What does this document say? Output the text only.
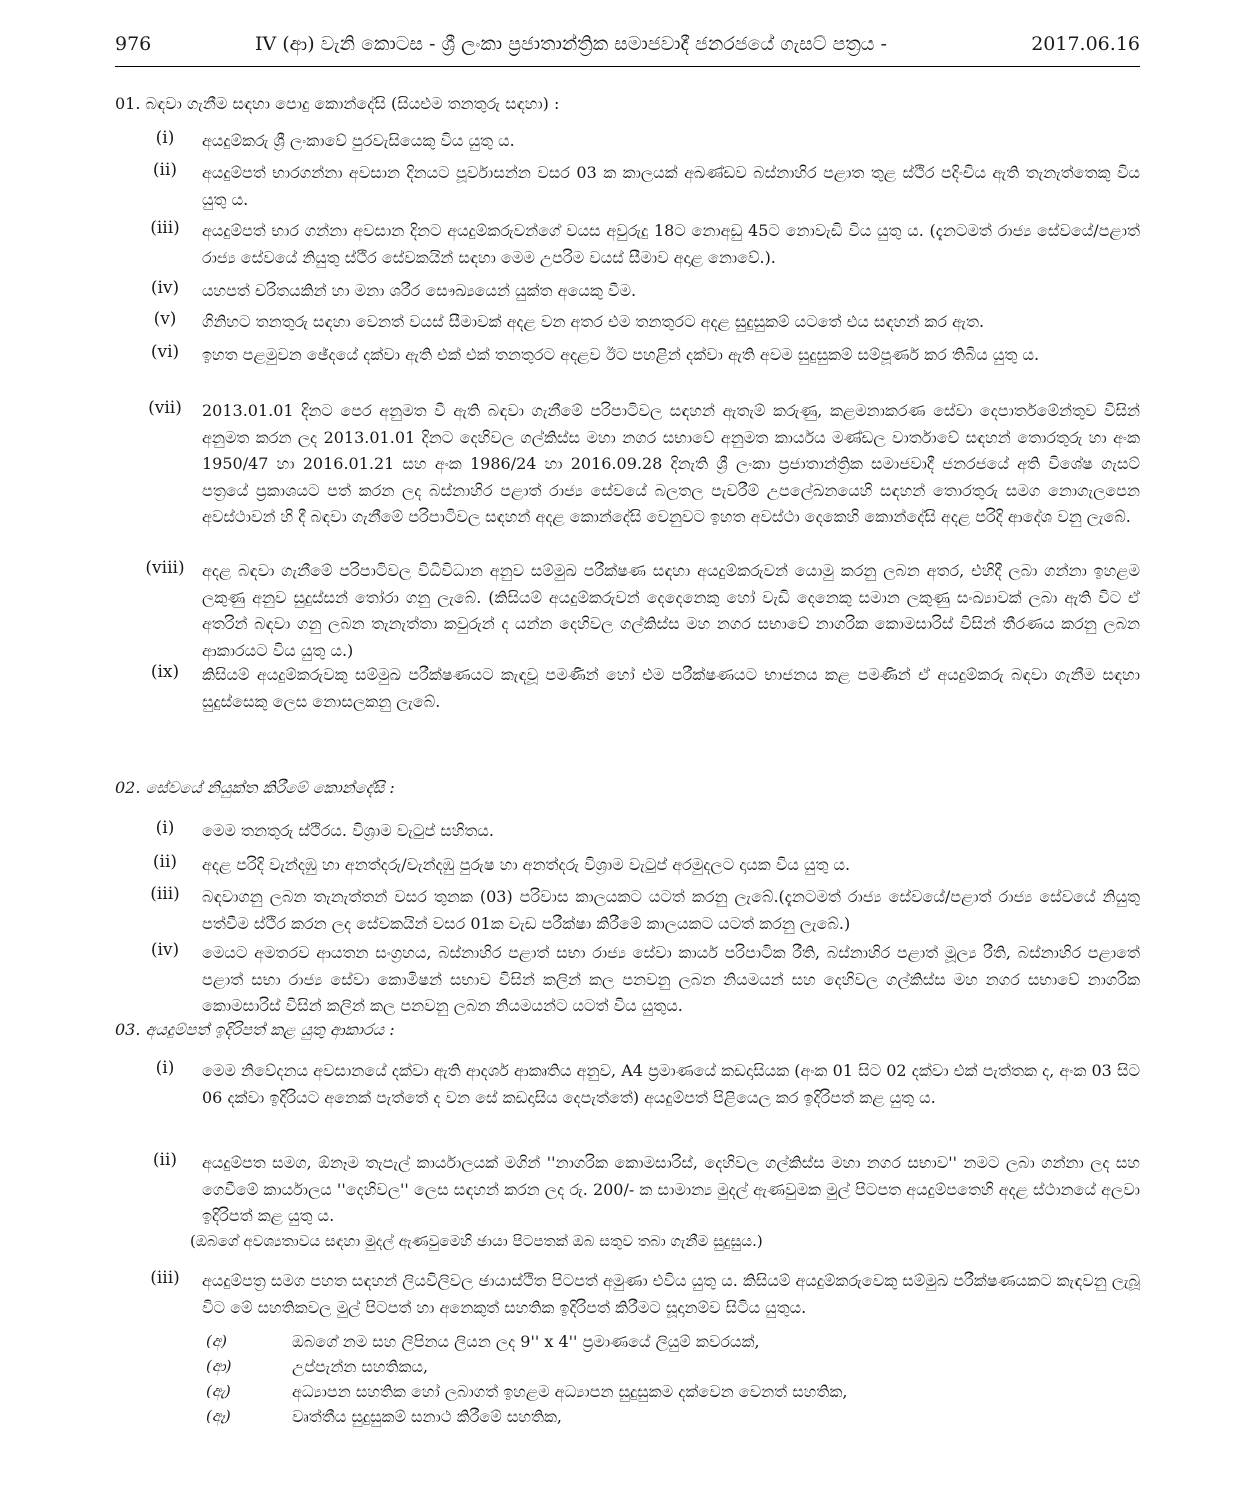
976	IV (ආ) වැනි කොටස - ශ්‍රී ලංකා ප්‍රජාතාන්ත්‍රික සමාජවාදී ජනරජයේ ගැසට් පත්‍රය -	2017.06.16
01. බඳවා ගැනීම සඳහා පොදු කොන්දේසි (සියළුම තනතුරු සඳහා) :
(i)	අයදුම්කරු ශ්‍රී ලංකාවේ පුරවැසියෙකු විය යුතු ය.
(ii)	අයදුම්පත් භාරගන්නා අවසාන දිනයට පූර්වාසන්න වසර 03 ක කාලයක් අඛණ්ඩව බස්නාහිර පළාත තුළ ස්ථිර පදිංචිය ඇති තැනැත්තෙකු විය යුතු ය.
(iii)	අයදුම්පත් භාර ගන්නා අවසාන දිනට අයදුම්කරුවන්ගේ වයස අවුරුදු 18ට නොඅඩු 45ට නොවැඩි විය යුතු ය. (දැනටමත් රාජ්‍ය සේවයේ/පළාත් රාජ්‍ය සේවයේ නියුතු ස්ථිර සේවකයින් සඳහා මෙම උපරිම වයස් සීමාව අදාළ නොවේ.).
(iv)	යහපත් චරිතයකින් හා මනා ශරීර සෞඛ්‍යයෙන් යුක්ත අයෙකු වීම.
(v)	ගිනිහට තනතුරු සඳහා වෙනත් වයස් සීමාවක් අදළ වන අතර එම තනතුරට අදළ සුදුසුකම් යටතේ එය සඳහන් කර ඇත.
(vi)	ඉහත පළමුවන ඡේදයේ දක්වා ඇති එක් එක් තනතුරට අදළව ඊට පහළින් දක්වා ඇති අවම සුදුසුකම් සම්පූර්ණ කර තිබිය යුතු ය.
(vii)	2013.01.01 දිනට පෙර අනුමත වී ඇති බඳවා ගැනීමේ පරිපාටිවල සඳහන් ඇතැම් කරුණු, කළමනාකරණ සේවා දෙපාර්තමේන්තුව විසින් අනුමත කරන ලද 2013.01.01 දිනට දෙහිවල ගල්කිස්ස මහා නගර සභාවේ අනුමත කාර්යය මණ්ඩල වාර්තාවේ සඳහන් තොරතුරු හා අංක 1950/47 හා 2016.01.21 සහ අංක 1986/24 හා 2016.09.28 දිනැති ශ්‍රී ලංකා ප්‍රජාතාන්ත්‍රික සමාජවාදී ජනරජයේ අති විශේෂ ගැසට් පත්‍රයේ ප්‍රකාශයට පත් කරන ලද බස්නාහිර පළාත් රාජ්‍ය සේවයේ බලතල පැවරීම් උපලේඛනයෙහි සඳහන් තොරතුරු සමග නොගැලපෙන අවස්ථාවන් හි දී බඳවා ගැනීමේ පරිපාටිවල සඳහන් අදළ කොන්දේසි වෙනුවට ඉහත අවස්ථා දෙකෙහි කොන්දේසි අදළ පරිදි ආදේශ වනු ලැබේ.
(viii)	අදළ බඳවා ගැනීමේ පරිපාටිවල විධිවිධාන අනුව සම්මුඛ පරීක්ෂණ සඳහා අයදුම්කරුවන් යොමු කරනු ලබන අතර, එහිදී ලබා ගන්නා ඉහළම ලකුණු අනුව සුදුස්සන් තෝරා ගනු ලැබේ. (කිසියම් අයදුම්කරුවන් දෙදෙනෙකු හෝ වැඩි දෙනෙකු සමාන ලකුණු සංඛ්‍යාවක් ලබා ඇති විට ඒ අතරින් බඳවා ගනු ලබන තැනැත්තා කවුරුන් ද යන්න දෙහිවල ගල්කිස්ස මහ නගර සභාවේ නාගරික කොමසාරිස් විසින් තීරණය කරනු ලබන ආකාරයට විය යුතු ය.)
(ix)	කිසියම් අයදුම්කරුවකු සම්මුඛ පරීක්ෂණයට කැඳවූ පමණින් හෝ එම පරීක්ෂණයට භාජනය කළ පමණින් ඒ අයදුම්කරු බඳවා ගැනීම සඳහා සුදුස්සෙකු ලෙස නොසලකනු ලැබේ.
02. සේවයේ නියුක්ත කිරීමේ කොන්දේසි :
(i)	මෙම තනතුරු ස්ථිරය. විශ්‍රාම වැටුප් සහිතය.
(ii)	අදළ පරිදි වැන්දඹු හා අනත්දරු/වැන්දඹු පුරුෂ හා අනත්දරු විශ්‍රාම වැටුප් අරමුදලට දායක විය යුතු ය.
(iii)	බඳවාගනු ලබන තැනැත්තන් වසර තුනක (03) පරිවාස කාලයකට යටත් කරනු ලැබේ.(දැනටමත් රාජ්‍ය සේවයේ/පළාත් රාජ්‍ය සේවයේ නියුතු පත්වීම ස්ථිර කරන ලද සේවකයින් වසර 01ක වැඩ පරීක්ෂා කිරීමේ කාලයකට යටත් කරනු ලැබේ.)
(iv)	මෙයට අමතරව ආයතන සංග්‍රහය, බස්නාහිර පළාත් සභා රාජ්‍ය සේවා කාර්ය පරිපාටික රීති, බස්නාහිර පළාත් මූල්‍ය රීති, බස්නාහිර පළාතේ පළාත් සභා රාජ්‍ය සේවා කොමිෂන් සභාව විසින් කලින් කල පනවනු ලබන නියමයන් සහ දෙහිවල ගල්කිස්ස මහ නගර සභාවේ නාගරික කොමසාරිස් විසින් කලින් කල පනවනු ලබන නියමයන්ට යටත් විය යුතුය.
03. අයදුම්පත් ඉදිරිපත් කළ යුතු ආකාරය :
(i)	මෙම නිවේදනය අවසානයේ දක්වා ඇති ආදර්ශ ආකෘතිය අනුව, A4 ප්‍රමාණයේ කඩදාසියක (අංක 01 සිට 02 දක්වා එක් පැත්තක ද, අංක 03 සිට 06 දක්වා ඉදිරියට අනෙක් පැත්තේ ද වන සේ කඩදාසිය දෙපැත්තේ) අයදුම්පත් පිළියෙල කර ඉදිරිපත් කළ යුතු ය.
(ii)	අයදුම්පත සමග, ඕනෑම තැපැල් කාර්යාලයක් මගින් ''නාගරික කොමසාරිස්, දෙහිවල ගල්කිස්ස මහා නගර සභාව'' නමට ලබා ගන්නා ලද සහ ගෙවීමේ කාර්යාලය ''දෙහිවල'' ලෙස සඳහන් කරන ලද රු. 200/- ක සාමාන්‍ය මුදල් ඇණවුමක මුල් පිටපත අයදුම්පතෙහි අදළ ස්ථානයේ අලවා ඉදිරිපත් කළ යුතු ය.
(ඔබගේ අවශ්‍යතාවය සඳහා මුදල් ඇණවුමෙහි ඡායා පිටපතක් ඔබ සතුව තබා ගැනීම සුදුසුය.)
(iii)	අයදුම්පත්‍ර සමග පහත සඳහන් ලියවිලිවල ඡායාස්ථිත පිටපත් අමුණා එවිය යුතු ය. කිසියම් අයදුම්කරුවෙකු සම්මුඛ පරීක්ෂණයකට කැඳවනු ලැබූ විට මේ සහතිකවල මුල් පිටපත් හා අනෙකුත් සහතික ඉදිරිපත් කිරීමට සූදානම්ව සිටිය යුතුය.
(අ)	ඔබගේ නම සහ ලිපිනය ලියන ලද 9'' x 4'' ප්‍රමාණයේ ලියුම් කවරයක්,
(ආ)	උප්පැන්න සහතිකය,
(ඇ)	අධ්‍යාපන සහතික හෝ ලබාගත් ඉහළම අධ්‍යාපන සුදුසුකම දක්වෙන වෙනත් සහතික,
(ඈ)	වෘත්තීය සුදුසුකම් සනාථ කිරීමේ සහතික,
